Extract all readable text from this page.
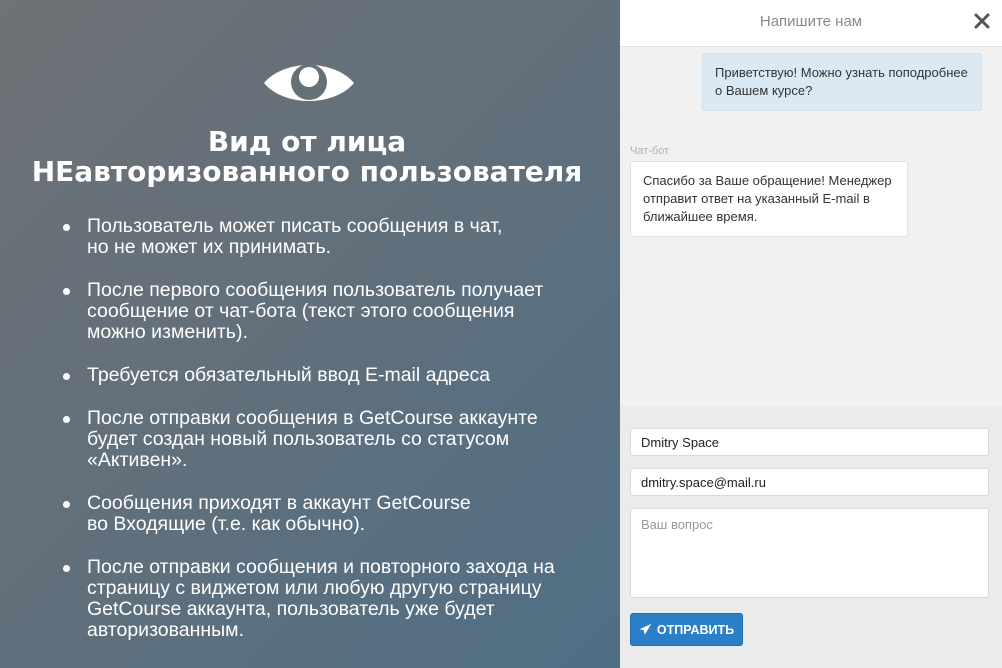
Вид от лица
НЕавторизованного пользователя
Пользователь может писать сообщения в чат, но не может их принимать.
После первого сообщения пользователь получает сообщение от чат-бота (текст этого сообщения можно изменить).
Требуется обязательный ввод E-mail адреса
После отправки сообщения в GetCourse аккаунте будет создан новый пользователь со статусом «Активен».
Сообщения приходят в аккаунт GetCourse во Входящие (т.е. как обычно).
После отправки сообщения и повторного захода на страницу с виджетом или любую другую страницу GetCourse аккаунта, пользователь уже будет авторизованным.
Напишите нам
Приветствую! Можно узнать поподробнее о Вашем курсе?
Чат-бот
Спасибо за Ваше обращение! Менеджер отправит ответ на указанный E-mail в ближайшее время.
Dmitry Space
dmitry.space@mail.ru
Ваш вопрос
ОТПРАВИТЬ
